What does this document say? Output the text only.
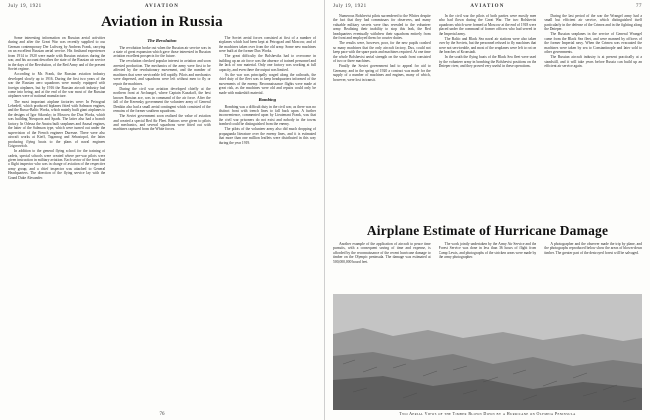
July 19, 1921	AVIATION
Aviation in Russia

Some interesting information on Russian aerial activities during and after the Great War was recently supplied to our German contemporary Der Luftweg by Andreas Frank, carrying on an excellent Russian aerial service. His firsthand experiences from 1914 to 1920 were made with Russian aviators during the war, and his account describes the state of the Russian air service in the days of the Revolution, of the Red Army and of the present Soviet regime.

According to Mr. Frank, the Russian aviation industry developed slowly up to 1916. During the first two years of the war the Russian aero squadrons were mostly equipped with foreign airplanes, but by 1916 the Russian aircraft industry had come into being, and at the end of the war most of the Russian airplanes were of national manufacture.

The most important airplane factories were: In Petrograd Lebedeff, which produced biplanes fitted with Salmson engines, and the Russo-Baltic Works, which mainly built giant airplanes to the designs of Igor Sikorsky; in Moscow the Dux Works, which was building Nieuports and Spads. The latter also had a branch factory. In Odessa the Anatra built seaplanes and Anasal engines, the latter of the Salmson type, which were turned out under the supervision of the French engineer Duresne. There were also aircraft works at Kieff, Taganrog and Sebastopol, the latter producing flying boats to the plans of naval engineer Grigorovitch.

In addition to the general flying school for the training of cadets, special schools were created where pre-war pilots were given instruction in military aviation. Each sector of the front had a flight inspector who was in charge of aviation of the respective army group, and a chief inspector was attached to General Headquarters. The direction of the flying service lay with the Grand Duke Alexander.

The Revolution

The revolution broke out when the Russian air service was in a state of great expansion which gave those interested in Russian aviation excellent prospects for the future.

The revolution checked popular interest in aviation and soon arrested production. The mechanics of the army were first to be affected by the revolutionary movement, and the number of machines that were serviceable fell rapidly. Pilots and mechanics were dispersed, and squadrons were left without men to fly or repair the machines.

During the civil war aviation developed chiefly at the northern front at Archangel, where Captain Kazakoff, the best known Russian ace, was in command of the air force. After the fall of the Kerensky government the volunteer army of General Denikin also had a small aerial contingent which consisted of the remains of the former southern squadrons.

The Soviet government soon realized the value of aviation and created a special Red Air Fleet. Rations were given to pilots and mechanics, and several squadrons were fitted out with machines captured from the White forces.

The Soviet aerial forces consisted at first of a number of airplanes which had been kept at Petrograd and Moscow, and of the machines taken over from the old army. Some new machines were built at the former Dux Works.

The great difficulty the Bolsheviks had to overcome in building up an air force was the absence of trained personnel and the lack of raw material. Only one factory was working at full capacity, and even there the output was limited.

As the war was principally waged along the railroads, the chief duty of the fleet was to keep headquarters informed of the movements of the enemy. Reconnaissance flights were made at great risk, as the machines were old and repairs could only be made with makeshift material.

Bombing

Bombing was a difficult duty in the civil war, as there was no distinct front with trench lines to fall back upon. A further inconvenience, commented upon by Lieutenant Frank, was that the civil war prisoners do not exist and nobody in the towns bombed could be distinguished from the enemy.

The pilots of the volunteer army also did much dropping of propaganda literature over the enemy lines, and it is estimated that more than one million leaflets were distributed in this way during the year 1919.

76
July 19, 1921	AVIATION	77

Numerous Bolshevist pilots surrendered to the Whites despite the fact that they had commissars for observers, and many valuable military secrets were thus revealed to the volunteer army. Realizing their inability to stop this leak, the Red headquarters eventually withdrew their squadrons entirely from the front and employed them for courier duties.

The results were, however, poor, for the new pupils crashed so many machines that the only aircraft factory, Dux, could not keep pace with the spare parts and machines required. At one time the whole Bolshevist aerial strength on the south front consisted of two or three machines.

Finally the Soviet government had to appeal for aid to Germany, and in the spring of 1920 a contract was made for the supply of a number of machines and engines, many of which, however, were lost in transit.

In the civil war the pilots of both parties were mostly men who had flown during the Great War. The two Bolshevist squadrons which were formed at Moscow at the end of 1918 were placed under the command of former officers who had served in the Imperial army.

The Baltic and Black Sea naval air stations were also taken over by the Soviets, but the personnel refused to fly machines that were not serviceable, and most of the seaplanes were left to rot on the beaches of Kronstadt.

In the south the flying boats of the Black Sea fleet were used by the volunteer army in bombing the Bolshevist positions on the Dnieper river, and they proved very useful in these operations.

During the last period of the war the Wrangel army had a small but efficient air service, which distinguished itself particularly in the defense of the Crimea and in the fighting along the Dnieper.

The Russian seaplanes in the service of General Wrangel came from the Black Sea fleet, and were manned by officers of the former Imperial navy. When the Crimea was evacuated the machines were taken by sea to Constantinople and later sold to other governments.

The Russian aircraft industry is at present practically at a standstill, and it will take years before Russia can build up an efficient air service again.

Airplane Estimate of Hurricane Damage

Another example of the application of aircraft to peace time pursuits, with a consequent saving of time and expense, is afforded by the reconnaissance of the recent hurricane damage to timber on the Olympic peninsula. The damage was estimated at 500,000,000 board feet.

The work jointly undertaken by the Army Air Service and the Forest Service was done in less than 36 hours of flight from Camp Lewis, and photographs of the stricken areas were made by the army photographer.

A photographer and the observer made the trip by plane, and the photographs reproduced below show the areas of blown-down timber. The greater part of the destroyed forest will be salvaged.

Two Aerial Views of the Timber Blown Down by a Hurricane on Olympia Peninsula
